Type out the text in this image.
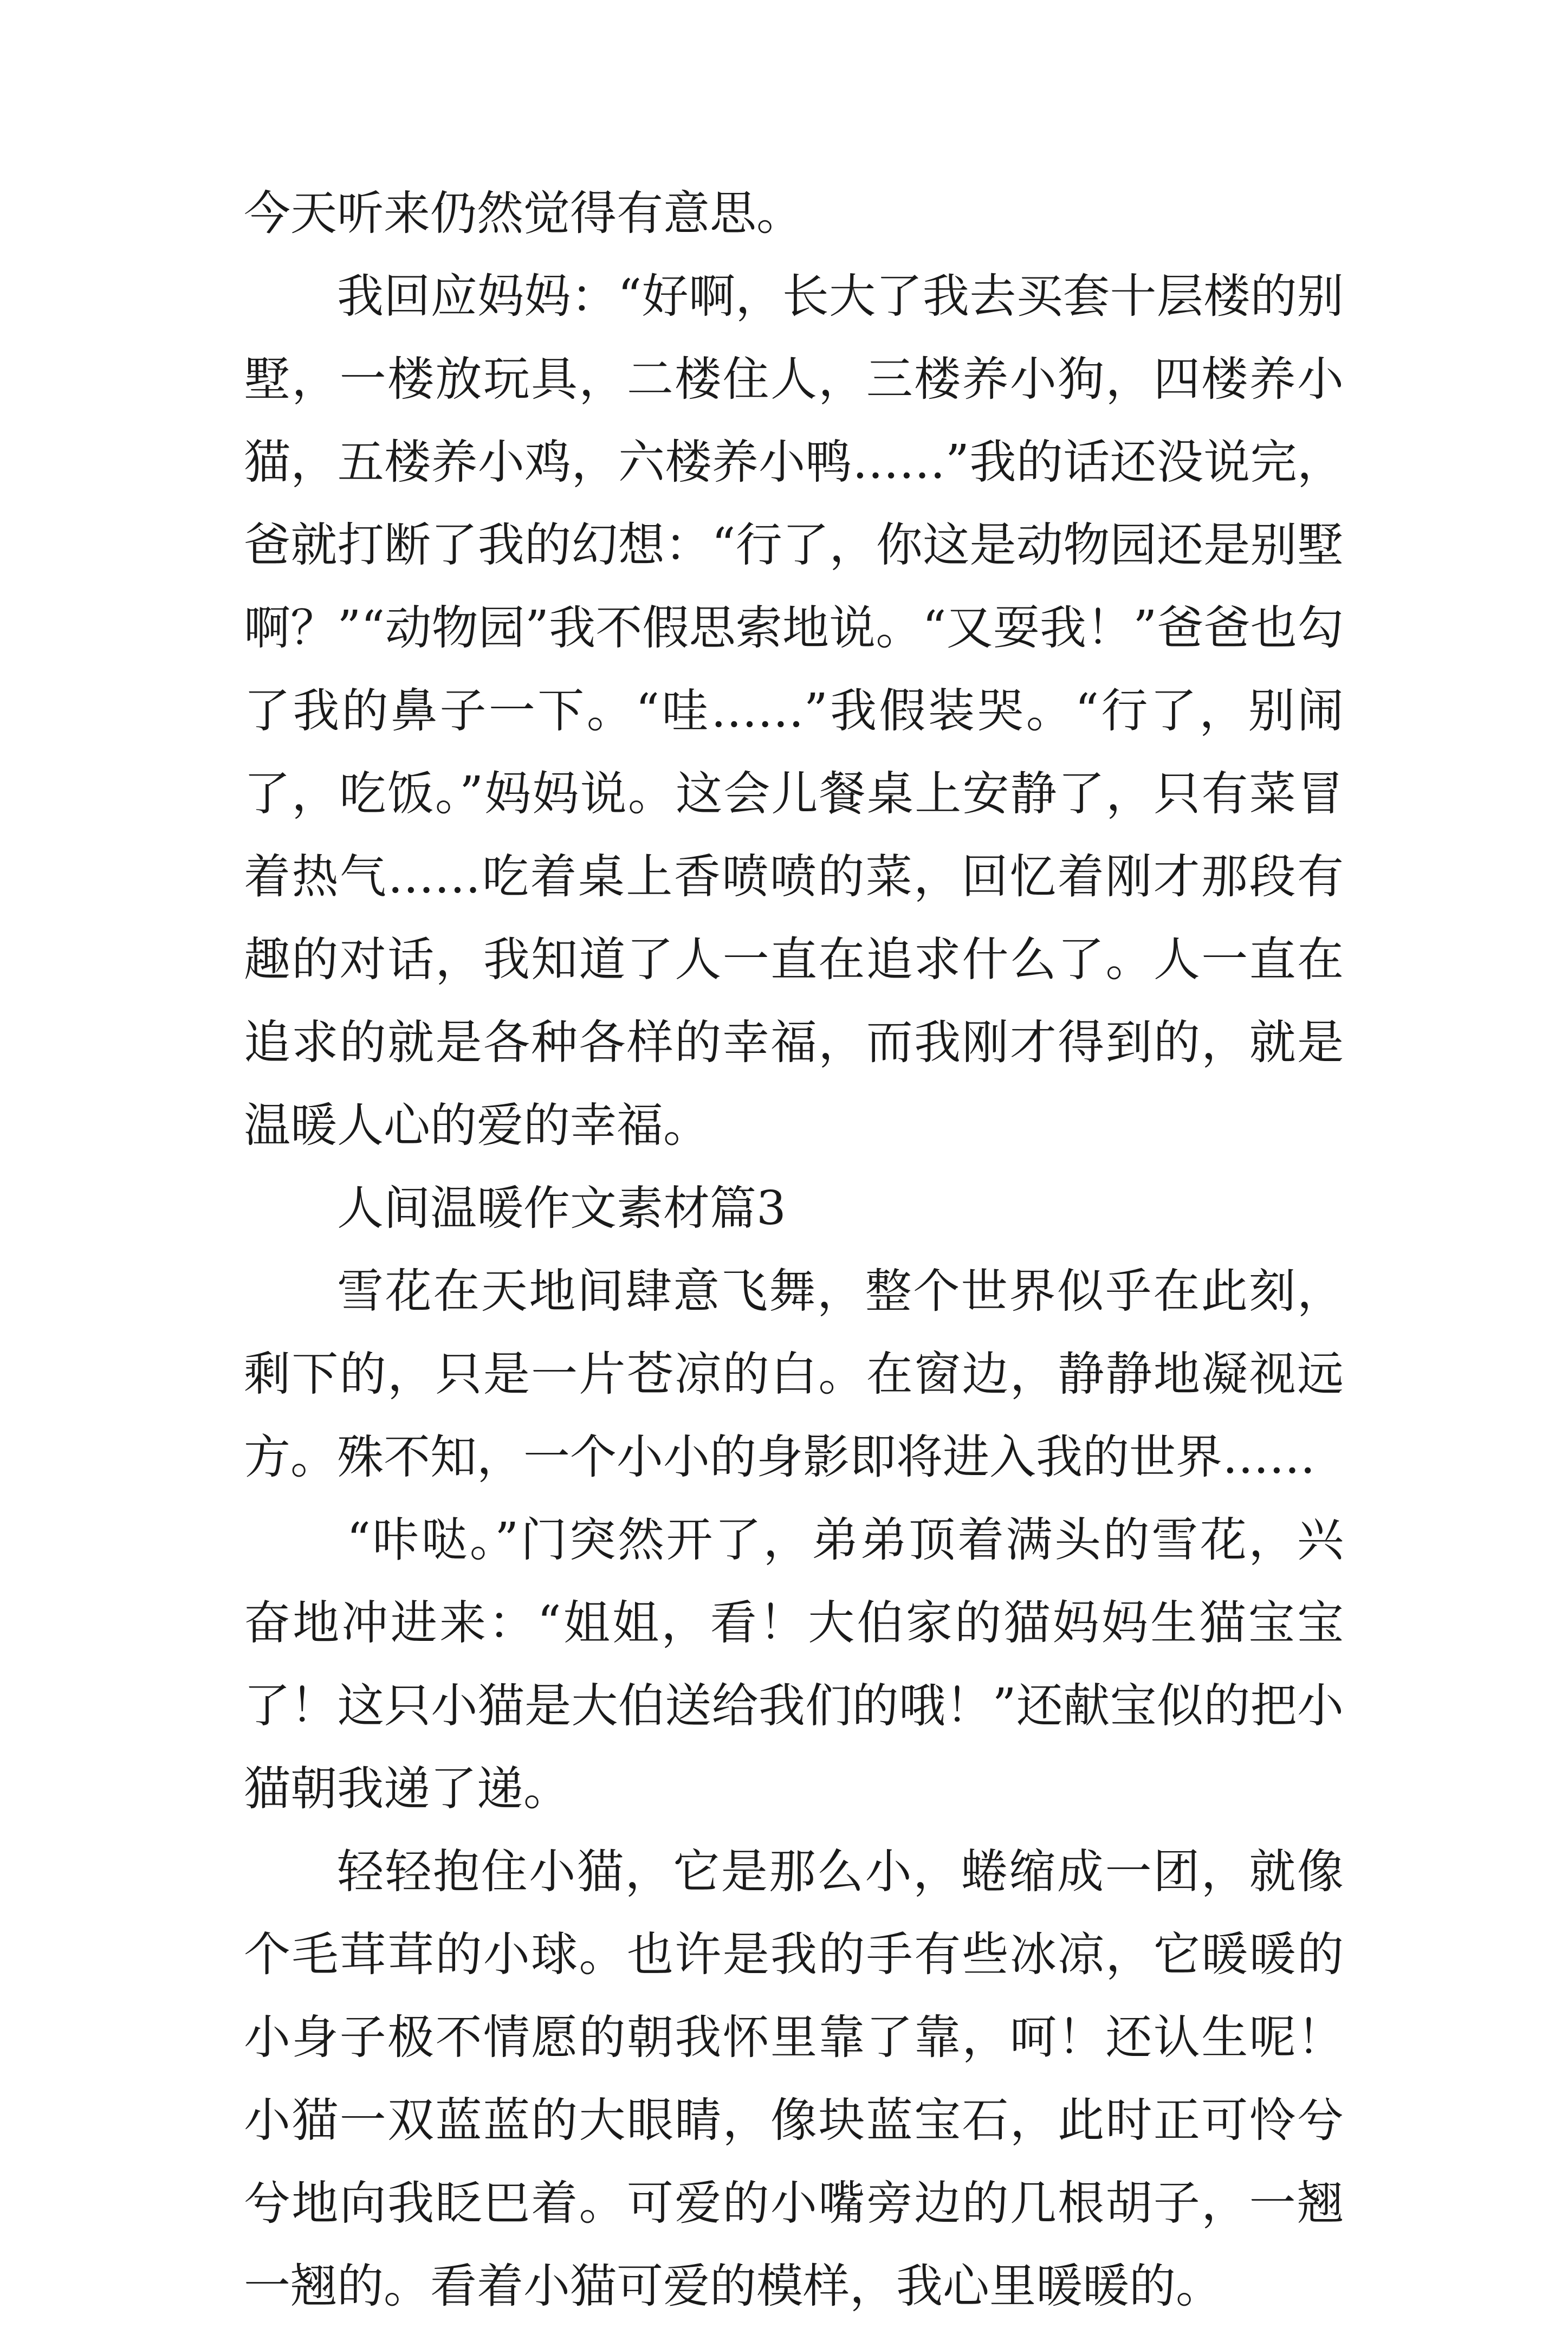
今天听来仍然觉得有意思。

我回应妈妈：“好啊，长大了我去买套十层楼的别墅，一楼放玩具，二楼住人，三楼养小狗，四楼养小猫，五楼养小鸡，六楼养小鸭……”我的话还没说完，爸就打断了我的幻想：“行了，你这是动物园还是别墅啊？”“动物园”我不假思索地说。“又耍我！”爸爸也勾了我的鼻子一下。“哇……”我假装哭。“行了，别闹了，吃饭。”妈妈说。这会儿餐桌上安静了，只有菜冒着热气……吃着桌上香喷喷的菜，回忆着刚才那段有趣的对话，我知道了人一直在追求什么了。人一直在追求的就是各种各样的幸福，而我刚才得到的，就是温暖人心的爱的幸福。

人间温暖作文素材篇3

雪花在天地间肆意飞舞，整个世界似乎在此刻，剩下的，只是一片苍凉的白。在窗边，静静地凝视远方。殊不知，一个小小的身影即将进入我的世界……

“咔哒。”门突然开了，弟弟顶着满头的雪花，兴奋地冲进来：“姐姐，看！大伯家的猫妈妈生猫宝宝了！这只小猫是大伯送给我们的哦！”还献宝似的把小猫朝我递了递。

轻轻抱住小猫，它是那么小，蜷缩成一团，就像个毛茸茸的小球。也许是我的手有些冰凉，它暖暖的小身子极不情愿的朝我怀里靠了靠，呵！还认生呢！小猫一双蓝蓝的大眼睛，像块蓝宝石，此时正可怜兮兮地向我眨巴着。可爱的小嘴旁边的几根胡子，一翘一翘的。看着小猫可爱的模样，我心里暖暖的。
